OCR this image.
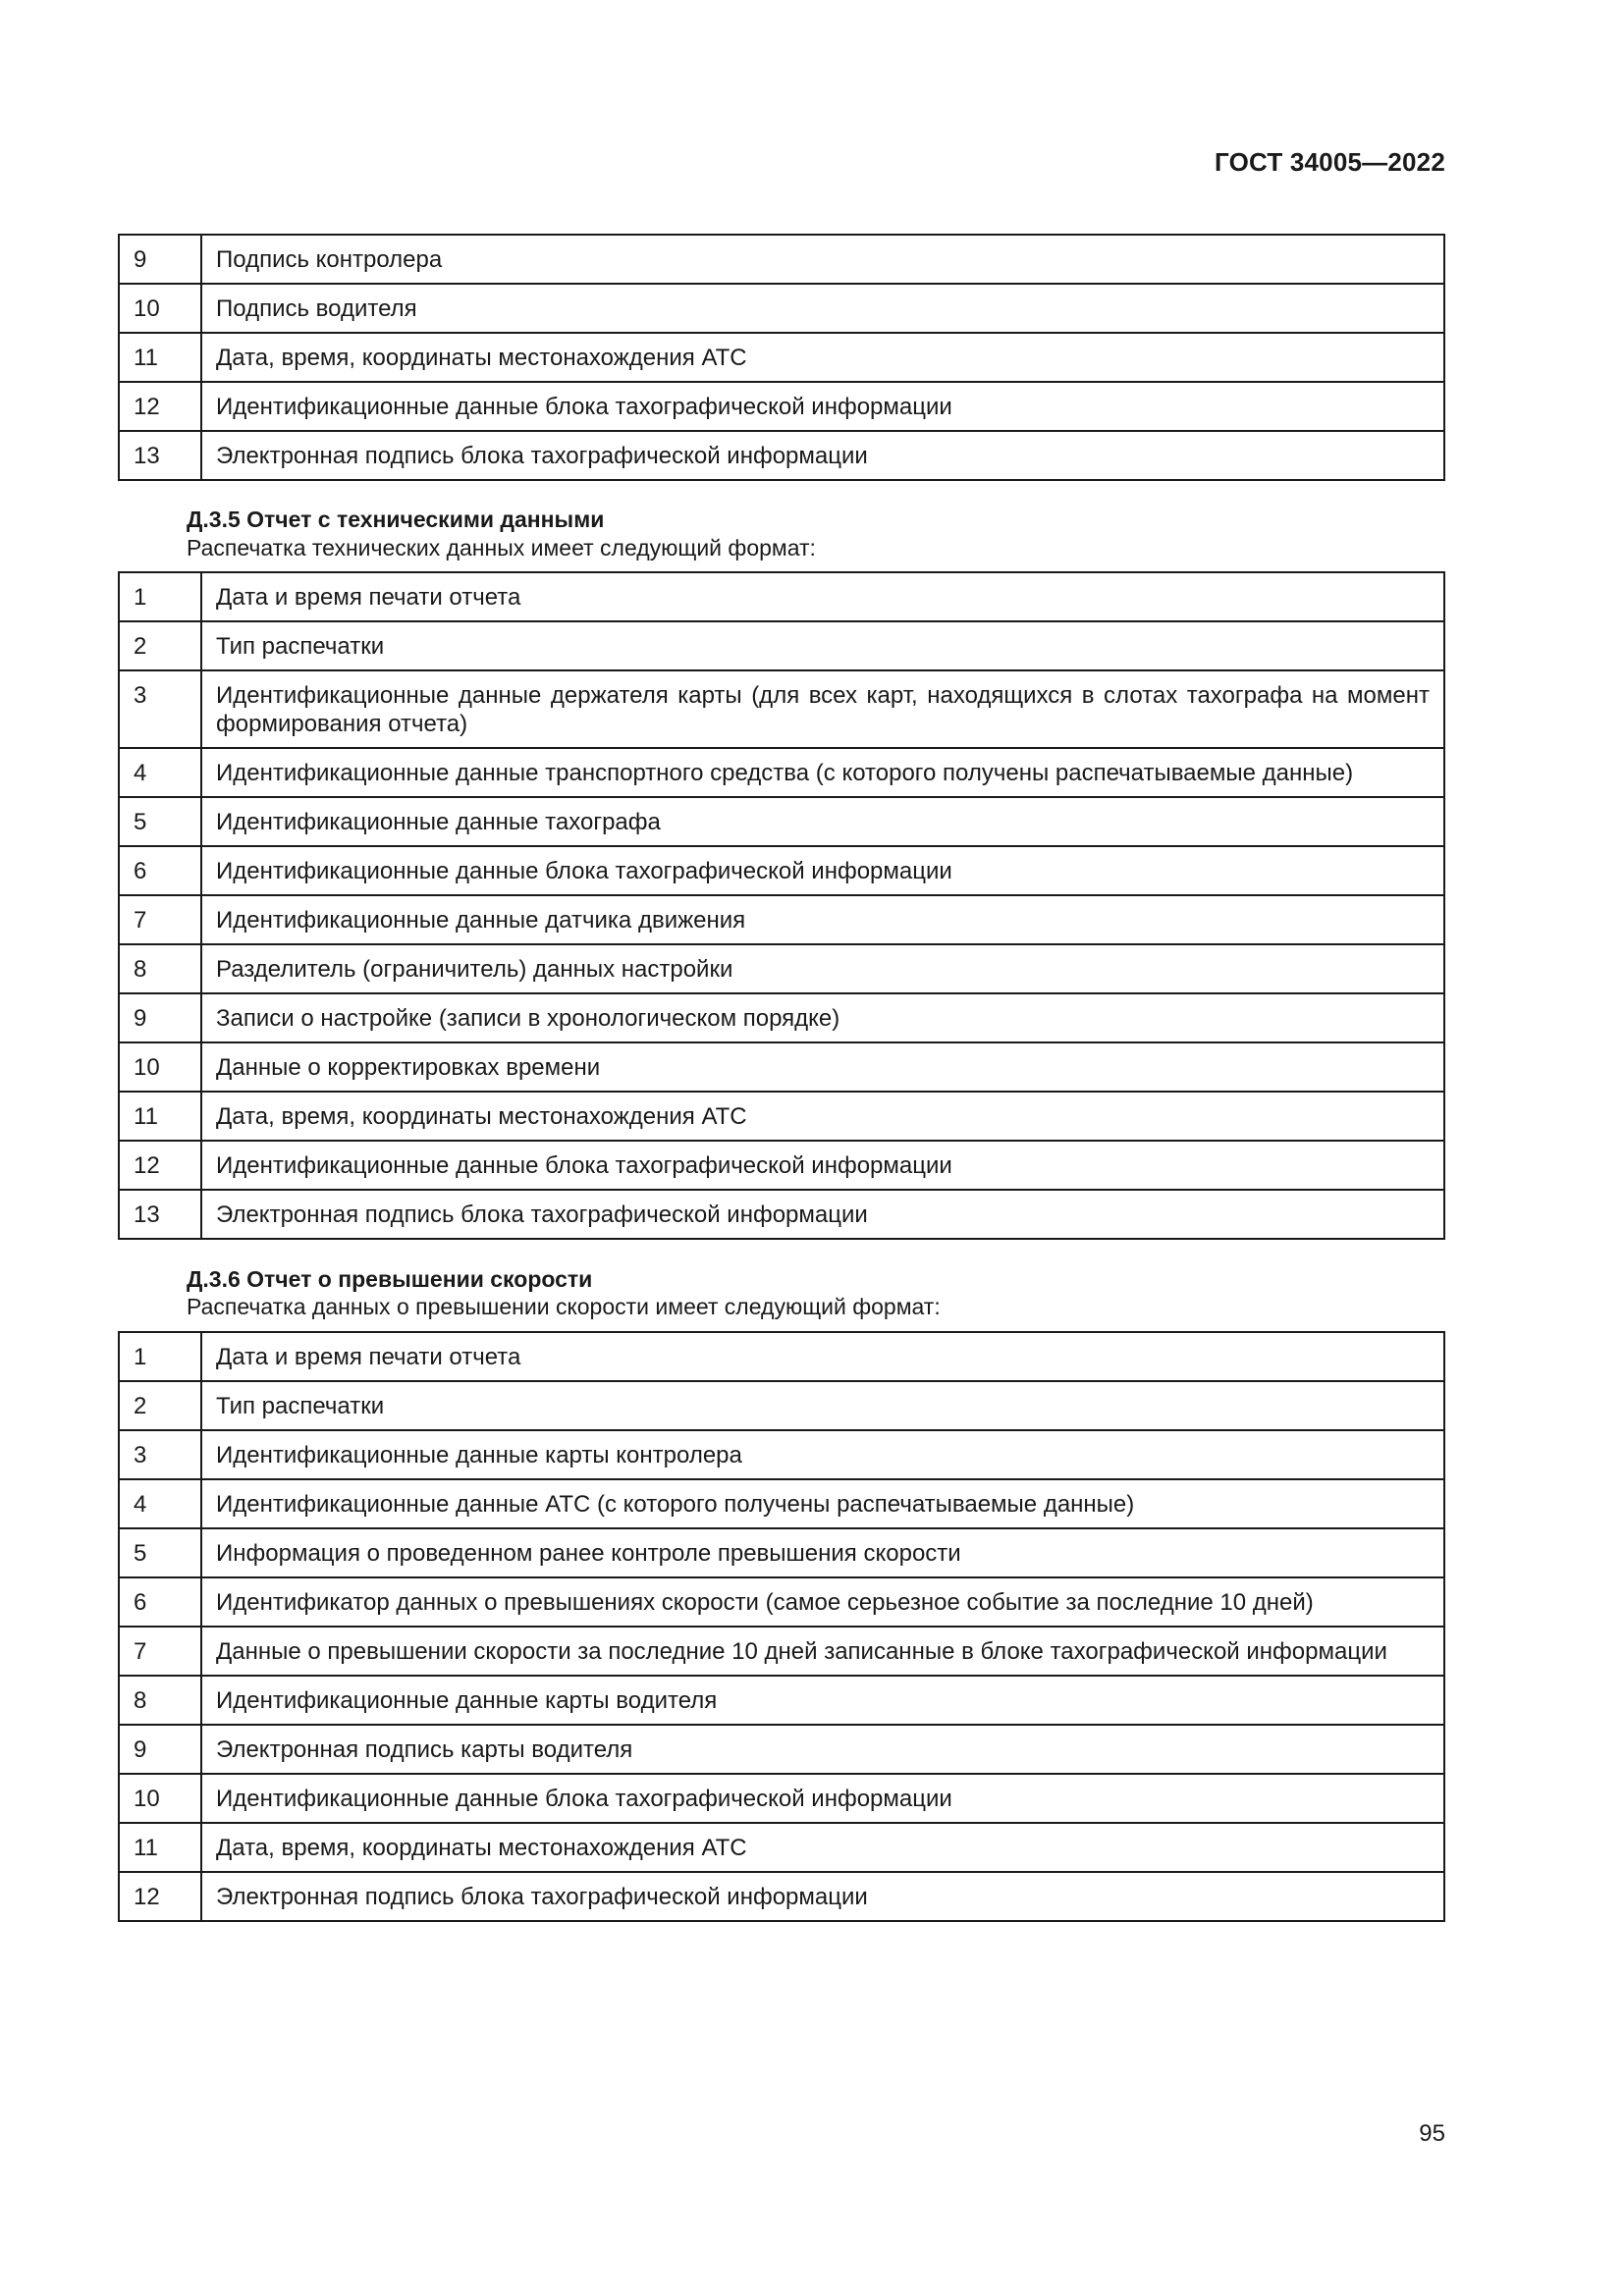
ГОСТ 34005—2022
9	Подпись контролера
10	Подпись водителя
11	Дата, время, координаты местонахождения АТС
12	Идентификационные данные блока тахографической информации
13	Электронная подпись блока тахографической информации
Д.3.5 Отчет с техническими данными
Распечатка технических данных имеет следующий формат:
1	Дата и время печати отчета
2	Тип распечатки
3	Идентификационные данные держателя карты (для всех карт, находящихся в слотах тахографа на момент формирования отчета)
4	Идентификационные данные транспортного средства (с которого получены распечатываемые данные)
5	Идентификационные данные тахографа
6	Идентификационные данные блока тахографической информации
7	Идентификационные данные датчика движения
8	Разделитель (ограничитель) данных настройки
9	Записи о настройке (записи в хронологическом порядке)
10	Данные о корректировках времени
11	Дата, время, координаты местонахождения АТС
12	Идентификационные данные блока тахографической информации
13	Электронная подпись блока тахографической информации
Д.3.6 Отчет о превышении скорости
Распечатка данных о превышении скорости имеет следующий формат:
1	Дата и время печати отчета
2	Тип распечатки
3	Идентификационные данные карты контролера
4	Идентификационные данные АТС (с которого получены распечатываемые данные)
5	Информация о проведенном ранее контроле превышения скорости
6	Идентификатор данных о превышениях скорости (самое серьезное событие за последние 10 дней)
7	Данные о превышении скорости за последние 10 дней записанные в блоке тахографической информации
8	Идентификационные данные карты водителя
9	Электронная подпись карты водителя
10	Идентификационные данные блока тахографической информации
11	Дата, время, координаты местонахождения АТС
12	Электронная подпись блока тахографической информации
95
